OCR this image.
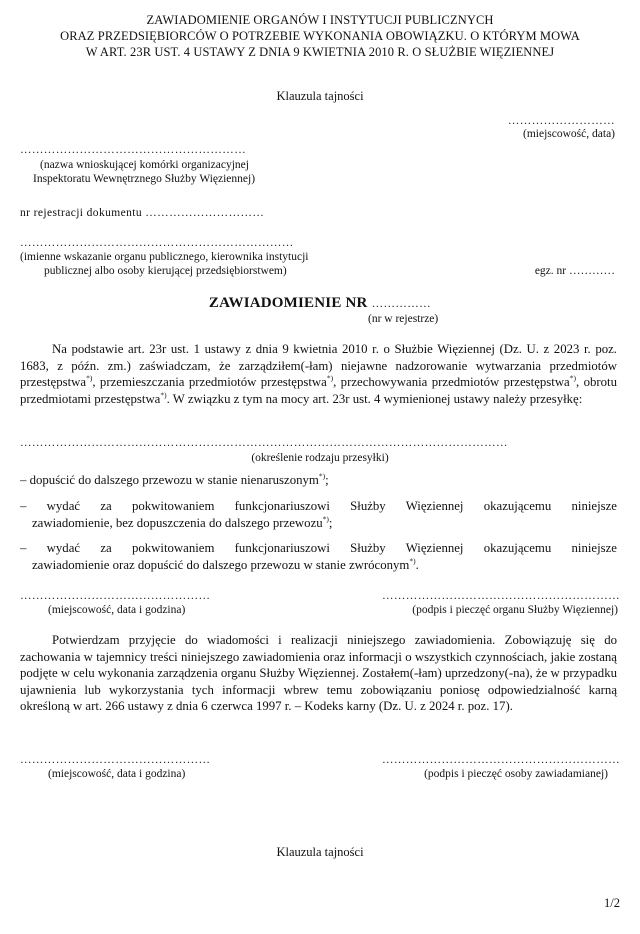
ZAWIADOMIENIE ORGANÓW I INSTYTUCJI PUBLICZNYCH
ORAZ PRZEDSIĘBIORCÓW O POTRZEBIE WYKONANIA OBOWIĄZKU. O KTÓRYM MOWA
W ART. 23R UST. 4 USTAWY Z DNIA 9 KWIETNIA 2010 R. O SŁUŻBIE WIĘZIENNEJ
Klauzula tajności
………………………
(miejscowość, data)
…………………………………………………
(nazwa wnioskującej komórki organizacyjnej
Inspektoratu Wewnętrznego Służby Więziennej)
nr rejestracji dokumentu …………………………
……………………………………………………………
(imienne wskazanie organu publicznego, kierownika instytucji
publicznej albo osoby kierującej przedsiębiorstwem)	egz. nr …………
ZAWIADOMIENIE NR ……………
(nr w rejestrze)
Na podstawie art. 23r ust. 1 ustawy z dnia 9 kwietnia 2010 r. o Służbie Więziennej (Dz. U. z 2023 r. poz. 1683, z późn. zm.) zaświadczam, że zarządziłem(-łam) niejawne nadzorowanie wytwarzania przedmiotów przestępstwa*), przemieszczania przedmiotów przestępstwa*), przechowywania przedmiotów przestępstwa*), obrotu przedmiotami przestępstwa*). W związku z tym na mocy art. 23r ust. 4 wymienionej ustawy należy przesyłkę:
……………………………………………………………………………………………………………
(określenie rodzaju przesyłki)
– dopuścić do dalszego przewozu w stanie nienaruszonym*);
– wydać za pokwitowaniem funkcjonariuszowi Służby Więziennej okazującemu niniejsze
zawiadomienie, bez dopuszczenia do dalszego przewozu*);
– wydać za pokwitowaniem funkcjonariuszowi Służby Więziennej okazującemu niniejsze
zawiadomienie oraz dopuścić do dalszego przewozu w stanie zwróconym*).
…………………………………………
(miejscowość, data i godzina)
……………………………………………………
(podpis i pieczęć organu Służby Więziennej)
Potwierdzam przyjęcie do wiadomości i realizacji niniejszego zawiadomienia. Zobowiązuję się do zachowania w tajemnicy treści niniejszego zawiadomienia oraz informacji o wszystkich czynnościach, jakie zostaną podjęte w celu wykonania zarządzenia organu Służby Więziennej. Zostałem(-łam) uprzedzony(-na), że w przypadku ujawnienia lub wykorzystania tych informacji wbrew temu zobowiązaniu poniosę odpowiedzialność karną określoną w art. 266 ustawy z dnia 6 czerwca 1997 r. – Kodeks karny (Dz. U. z 2024 r. poz. 17).
…………………………………………
(miejscowość, data i godzina)
……………………………………………………
(podpis i pieczęć osoby zawiadamianej)
Klauzula tajności
1/2
